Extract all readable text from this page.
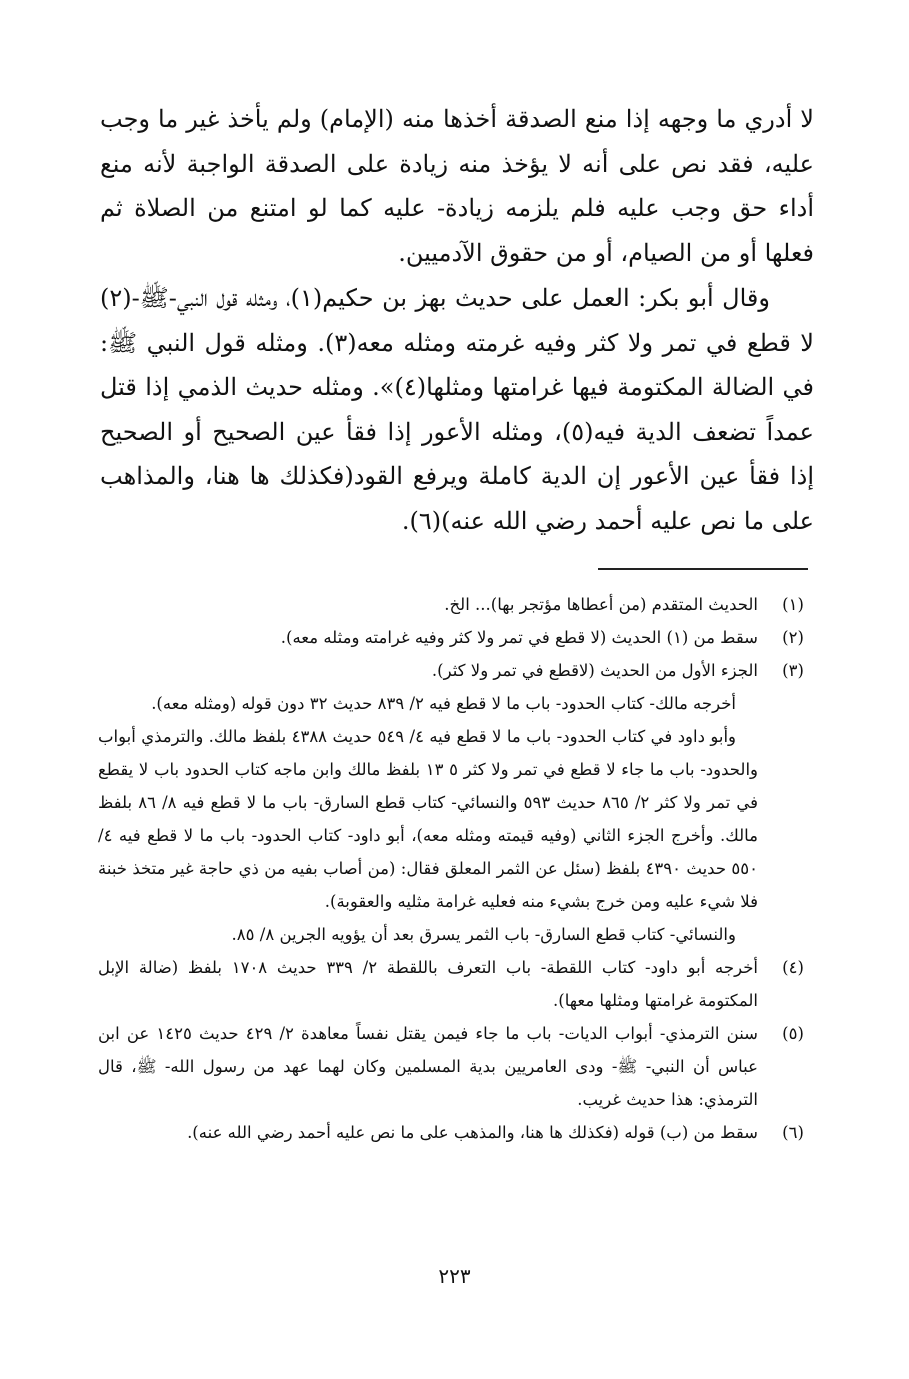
لا أدري ما وجهه إذا منع الصدقة أخذها منه (الإمام) ولم يأخذ غير ما وجب عليه، فقد نص على أنه لا يؤخذ منه زيادة على الصدقة الواجبة لأنه منع أداء حق وجب عليه فلم يلزمه زيادة- عليه كما لو امتنع من الصلاة ثم فعلها أو من الصيام، أو من حقوق الآدميين.

وقال أبو بكر: العمل على حديث بهز بن حكيم(١)، ومثله قول النبي-ﷺ-(٢) لا قطع في تمر ولا كثر وفيه غرمته ومثله معه(٣). ومثله قول النبي ﷺ: في الضالة المكتومة فيها غرامتها ومثلها(٤)». ومثله حديث الذمي إذا قتل عمداً تضعف الدية فيه(٥)، ومثله الأعور إذا فقأ عين الصحيح أو الصحيح إذا فقأ عين الأعور إن الدية كاملة ويرفع القود(فكذلك ها هنا، والمذاهب على ما نص عليه أحمد رضي الله عنه)(٦).

(١)

الحديث المتقدم (من أعطاها مؤتجر بها)... الخ.

(٢)

سقط من (١) الحديث (لا قطع في تمر ولا كثر وفيه غرامته ومثله معه).

(٣)

الجزء الأول من الحديث (لاقطع في تمر ولا كثر).

أخرجه مالك- كتاب الحدود- باب ما لا قطع فيه ٢/ ٨٣٩ حديث ٣٢ دون قوله (ومثله معه).

وأبو داود في كتاب الحدود- باب ما لا قطع فيه ٤/ ٥٤٩ حديث ٤٣٨٨ بلفظ مالك. والترمذي أبواب والحدود- باب ما جاء لا قطع في تمر ولا كثر ٥ ١٣ بلفظ مالك وابن ماجه كتاب الحدود باب لا يقطع في تمر ولا كثر ٢/ ٨٦٥ حديث ٥٩٣ والنسائي- كتاب قطع السارق- باب ما لا قطع فيه ٨/ ٨٦ بلفظ مالك. وأخرج الجزء الثاني (وفيه قيمته ومثله معه)، أبو داود- كتاب الحدود- باب ما لا قطع فيه ٤/ ٥٥٠ حديث ٤٣٩٠ بلفظ (سئل عن الثمر المعلق فقال: (من أصاب بفيه من ذي حاجة غير متخذ خبنة فلا شيء عليه ومن خرج بشيء منه فعليه غرامة مثليه والعقوبة).

والنسائي- كتاب قطع السارق- باب الثمر يسرق بعد أن يؤويه الجرين ٨/ ٨٥.

(٤)

أخرجه أبو داود- كتاب اللقطة- باب التعرف باللقطة ٢/ ٣٣٩ حديث ١٧٠٨ بلفظ (ضالة الإبل المكتومة غرامتها ومثلها معها).

(٥)

سنن الترمذي- أبواب الديات- باب ما جاء فيمن يقتل نفساً معاهدة ٢/ ٤٢٩ حديث ١٤٢٥ عن ابن عباس أن النبي- ﷺ- ودى العامريين بدية المسلمين وكان لهما عهد من رسول الله- ﷺ، قال الترمذي: هذا حديث غريب.

(٦)

سقط من (ب) قوله (فكذلك ها هنا، والمذهب على ما نص عليه أحمد رضي الله عنه).

٢٢٣
